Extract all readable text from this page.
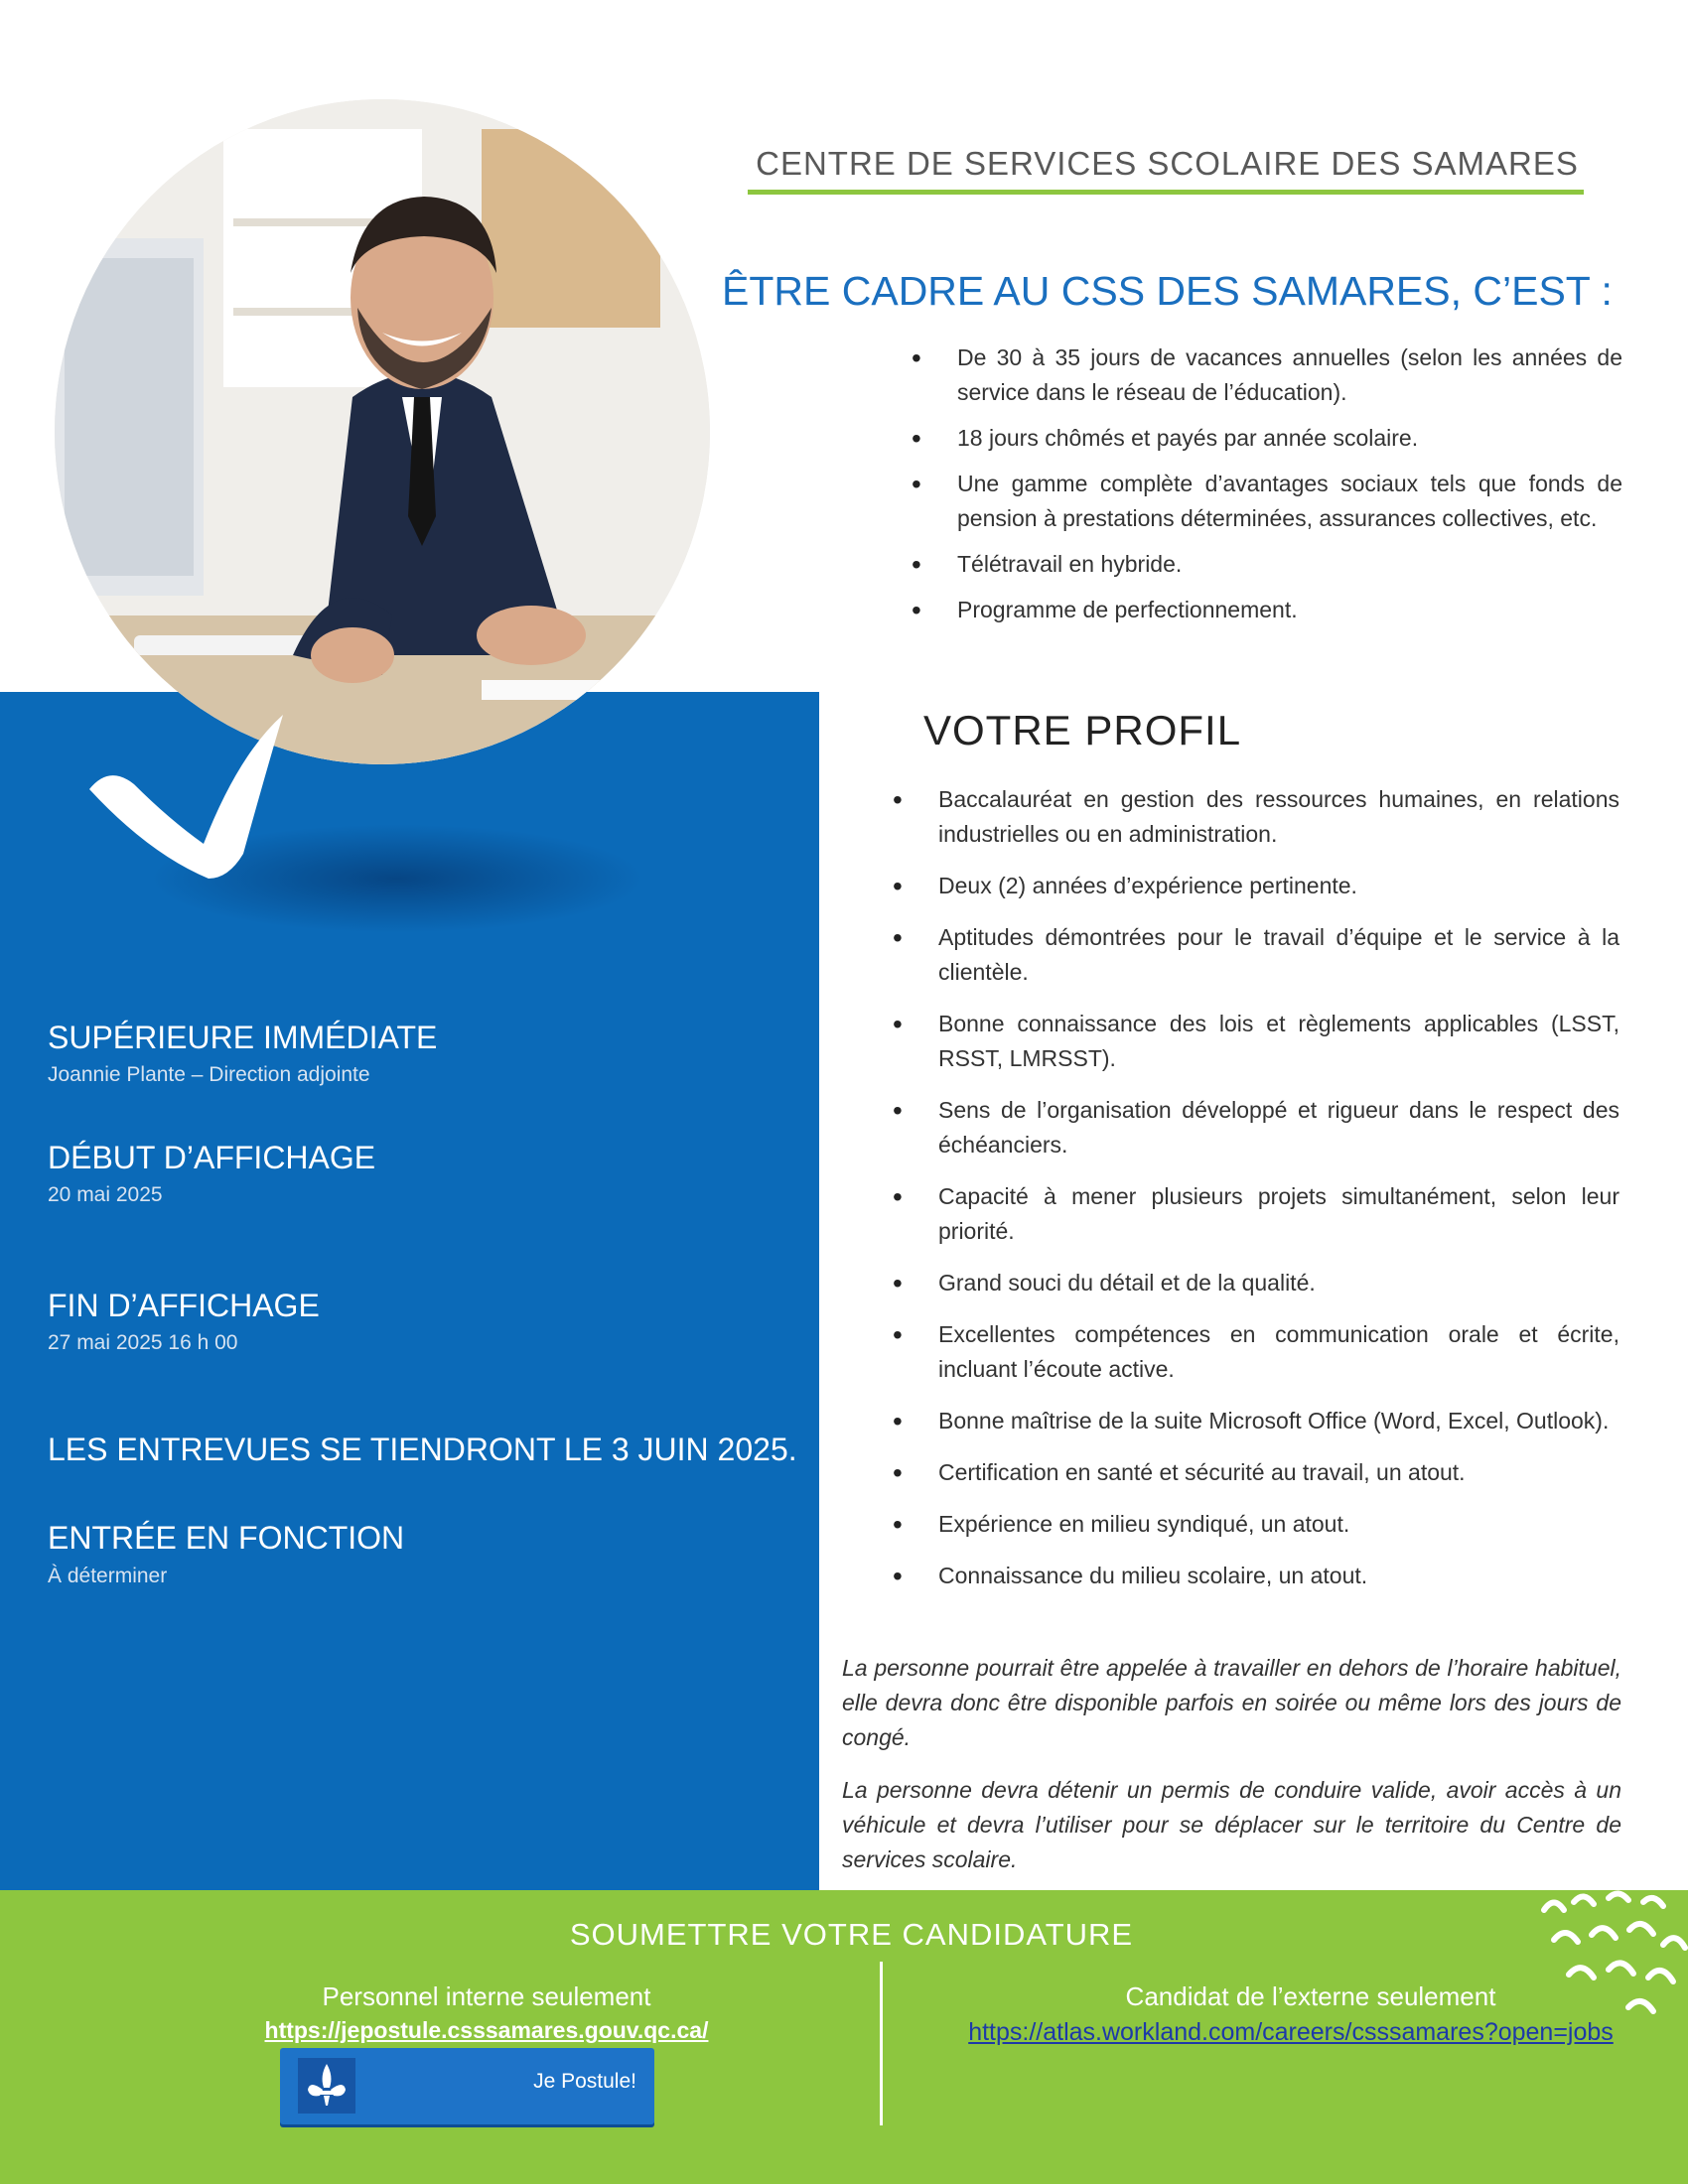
CENTRE DE SERVICES SCOLAIRE DES SAMARES
ÊTRE CADRE AU CSS DES SAMARES, C’EST :
• De 30 à 35 jours de vacances annuelles (selon les années de service dans le réseau de l’éducation).
• 18 jours chômés et payés par année scolaire.
• Une gamme complète d’avantages sociaux tels que fonds de pension à prestations déterminées, assurances collectives, etc.
• Télétravail en hybride.
• Programme de perfectionnement.
VOTRE PROFIL
• Baccalauréat en gestion des ressources humaines, en relations industrielles ou en administration.
• Deux (2) années d’expérience pertinente.
• Aptitudes démontrées pour le travail d’équipe et le service à la clientèle.
• Bonne connaissance des lois et règlements applicables (LSST, RSST, LMRSST).
• Sens de l’organisation développé et rigueur dans le respect des échéanciers.
• Capacité à mener plusieurs projets simultanément, selon leur priorité.
• Grand souci du détail et de la qualité.
• Excellentes compétences en communication orale et écrite, incluant l’écoute active.
• Bonne maîtrise de la suite Microsoft Office (Word, Excel, Outlook).
• Certification en santé et sécurité au travail, un atout.
• Expérience en milieu syndiqué, un atout.
• Connaissance du milieu scolaire, un atout.
La personne pourrait être appelée à travailler en dehors de l’horaire habituel, elle devra donc être disponible parfois en soirée ou même lors des jours de congé.
La personne devra détenir un permis de conduire valide, avoir accès à un véhicule et devra l’utiliser pour se déplacer sur le territoire du Centre de services scolaire.
SUPÉRIEURE IMMÉDIATE
Joannie Plante – Direction adjointe
DÉBUT D’AFFICHAGE
20 mai 2025
FIN D’AFFICHAGE
27 mai 2025 16 h 00
LES ENTREVUES SE TIENDRONT LE 3 JUIN 2025.
ENTRÉE EN FONCTION
À déterminer
SOUMETTRE VOTRE CANDIDATURE
Personnel interne seulement
https://jepostule.csssamares.gouv.qc.ca/
Je Postule!
Candidat de l’externe seulement
https://atlas.workland.com/careers/csssamares?open=jobs
